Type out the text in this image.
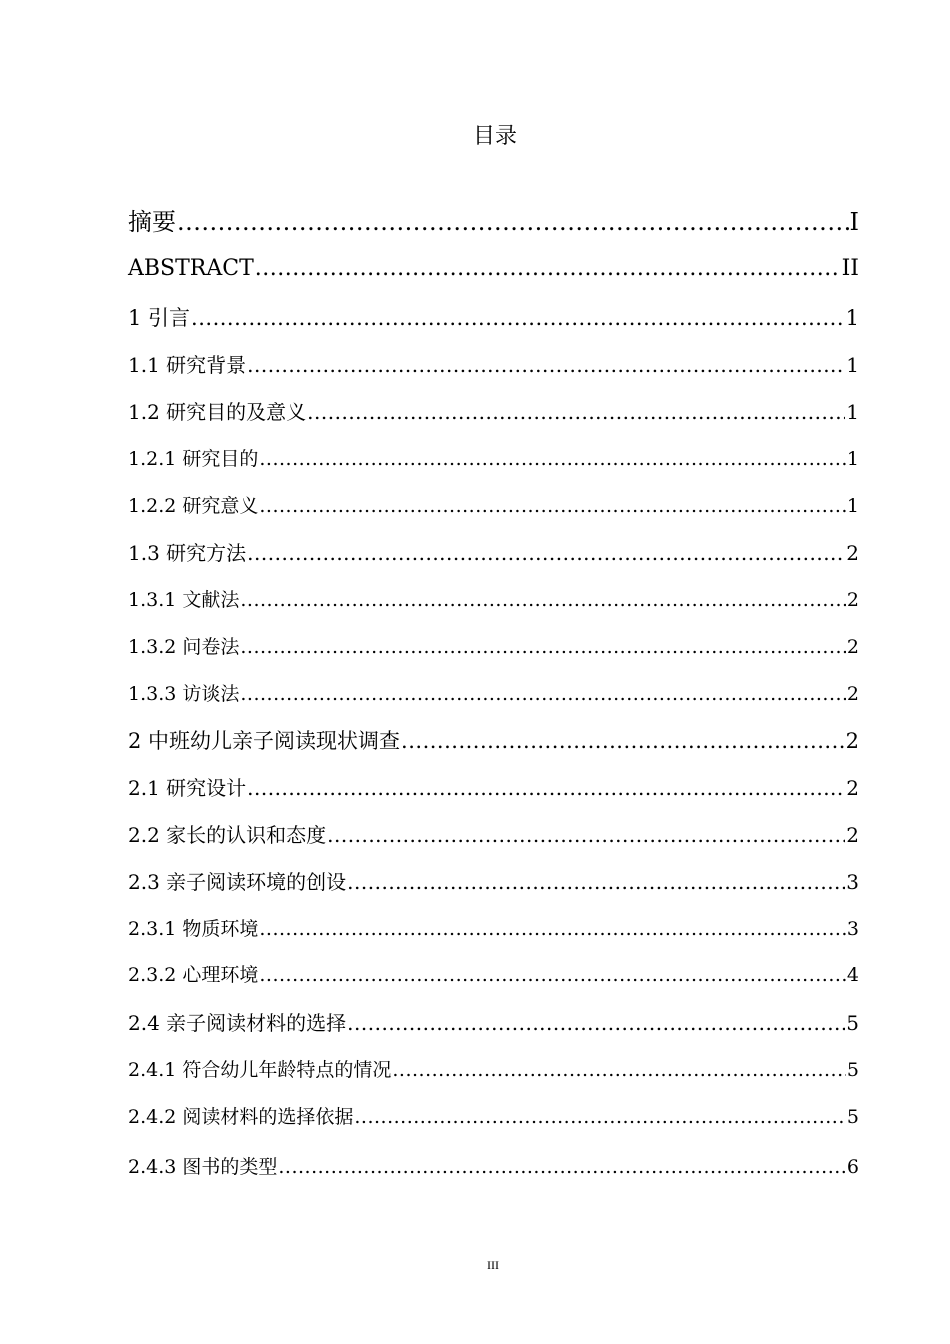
目录
摘要 .....	I
ABSTRACT .....	II
1 引言 .....	1
1.1 研究背景 .....	1
1.2 研究目的及意义 .....	1
1.2.1 研究目的 .....	1
1.2.2 研究意义 .....	1
1.3 研究方法 .....	2
1.3.1 文献法 .....	2
1.3.2 问卷法 .....	2
1.3.3 访谈法 .....	2
2 中班幼儿亲子阅读现状调查 .....	2
2.1 研究设计 .....	2
2.2 家长的认识和态度 .....	2
2.3 亲子阅读环境的创设 .....	3
2.3.1 物质环境 .....	3
2.3.2 心理环境 .....	4
2.4 亲子阅读材料的选择 .....	5
2.4.1 符合幼儿年龄特点的情况 .....	5
2.4.2 阅读材料的选择依据 .....	5
2.4.3 图书的类型 .....	6
III
